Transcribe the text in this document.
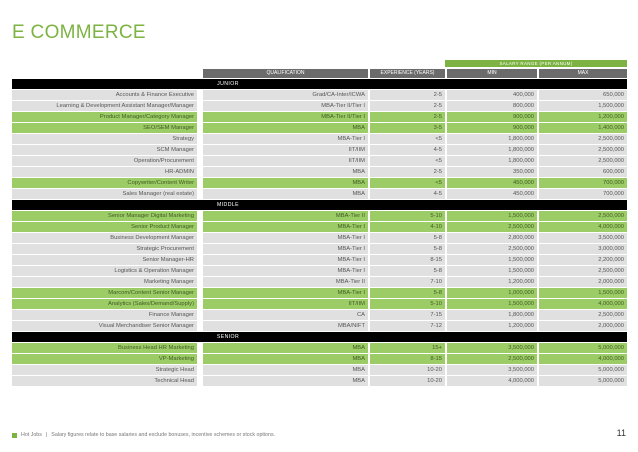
E COMMERCE
SALARY RANGE (PER ANNUM)
		QUALIFICATION		EXPERIENCE (YEARS)		MIN		MAX
JUNIOR								
Accounts & Finance Executive		Grad/CA-Inter/ICWA		2-5		400,000		650,000
Learning & Development Assistant Manager/Manager		MBA-Tier II/Tier I		2-5		800,000		1,500,000
Product Manager/Category Manager		MBA-Tier II/Tier I		2-5		900,000		1,200,000
SEO/SEM Manager		MBA		3-5		900,000		1,400,000
Strategy		MBA-Tier I		<5		1,800,000		2,500,000
SCM Manager		IIT/IIM		4-5		1,800,000		2,500,000
Operation/Procurement		IIT/IIM		<5		1,800,000		2,500,000
HR-ADMIN		MBA		2-5		350,000		600,000
Copywriter/Content Writer		MBA		<5		450,000		700,000
Sales Manager (real estate)		MBA		4-5		450,000		700,000
MIDDLE								
Senior Manager Digital Marketing		MBA-Tier II		5-10		1,500,000		2,500,000
Senior Product Manager		MBA-Tier I		4-10		2,500,000		4,000,000
Business Development Manager		MBA-Tier I		5-8		2,800,000		3,500,000
Strategic Procurement		MBA-Tier I		5-8		2,500,000		3,000,000
Senior Manager-HR		MBA-Tier I		8-15		1,500,000		2,200,000
Logistics & Operation Manager		MBA-Tier I		5-8		1,500,000		2,500,000
Marketing Manager		MBA-Tier II		7-10		1,200,000		2,000,000
Marcom/Content Senior Manager		MBA-Tier I		5-8		1,000,000		1,500,000
Analytics (Sales/Demand/Supply)		IIT/IIM		5-10		1,500,000		4,000,000
Finance Manager		CA		7-15		1,800,000		2,500,000
Visual Merchandiser Senior Manager		MBA/NIFT		7-12		1,200,000		2,000,000
SENIOR								
Business Head HR Marketing		MBA		15+		3,500,000		5,000,000
VP-Marketing		MBA		8-15		2,500,000		4,000,000
Strategic Head		MBA		10-20		3,500,000		5,000,000
Technical Head		MBA		10-20		4,000,000		5,000,000
Hot Jobs | Salary figures relate to base salaries and exclude bonuses, incentive schemes or stock options.	11
